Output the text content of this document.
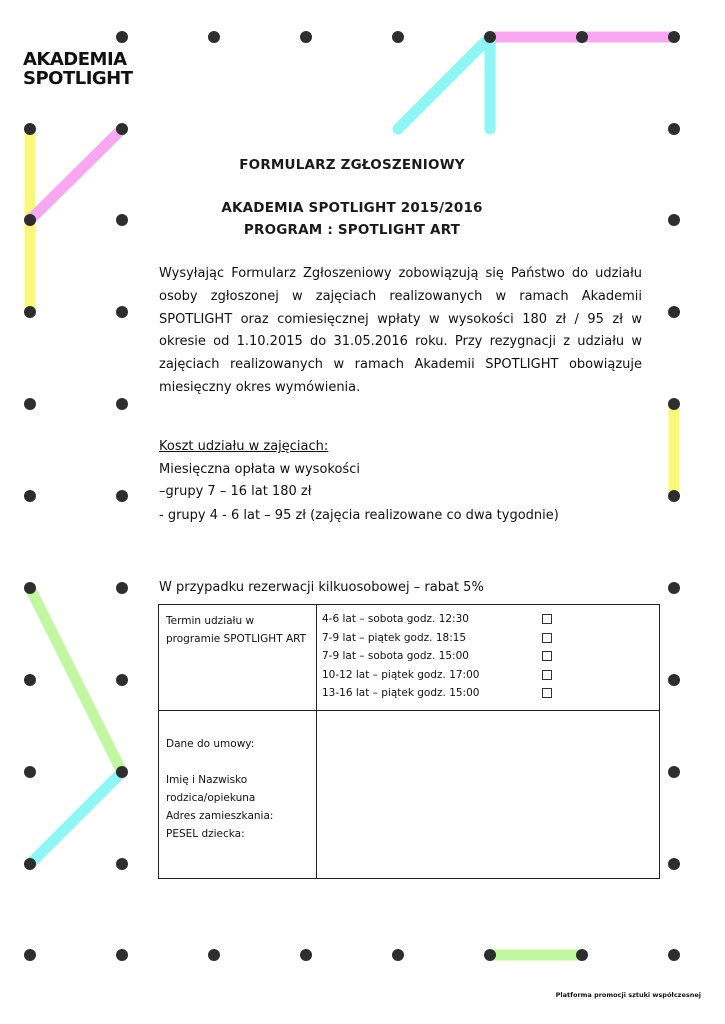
AKADEMIA
SPOTLIGHT
FORMULARZ ZGŁOSZENIOWY
AKADEMIA SPOTLIGHT 2015/2016
PROGRAM : SPOTLIGHT ART
Wysyłając Formularz Zgłoszeniowy zobowiązują się Państwo do udziału osoby zgłoszonej w zajęciach realizowanych w ramach Akademii SPOTLIGHT oraz comiesięcznej wpłaty w wysokości 180 zł / 95 zł w okresie od 1.10.2015 do 31.05.2016 roku. Przy rezygnacji z udziału w zajęciach realizowanych w ramach Akademii SPOTLIGHT obowiązuje miesięczny okres wymówienia.
Koszt udziału w zajęciach:
Miesięczna opłata w wysokości
–grupy 7 – 16 lat 180 zł
- grupy 4 - 6 lat – 95 zł (zajęcia realizowane co dwa tygodnie)
W przypadku rezerwacji kilkuosobowej – rabat 5%
Termin udziału w programie SPOTLIGHT ART	4-6 lat – sobota godz. 12:30
7-9 lat – piątek godz. 18:15
7-9 lat – sobota godz. 15:00
10-12 lat – piątek godz. 17:00
13-16 lat – piątek godz. 15:00

Dane do umowy:
Imię i Nazwisko rodzica/opiekuna
Adres zamieszkania:
PESEL dziecka:	

Platforma promocji sztuki współczesnej
